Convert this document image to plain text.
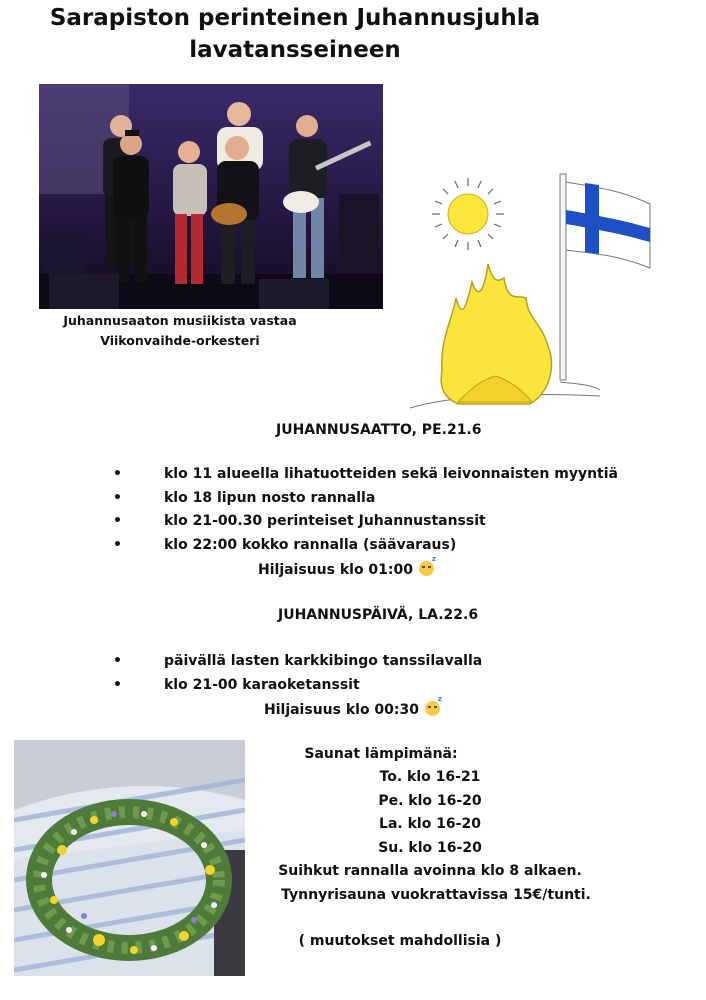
Sarapiston perinteinen Juhannusjuhla
lavatansseineen
Juhannusaaton musiikista vastaa
Viikonvaihde-orkesteri
JUHANNUSAATTO, PE.21.6
•	klo 11 alueella lihatuotteiden sekä leivonnaisten myyntiä
•	klo 18 lipun nosto rannalla
•	klo 21-00.30 perinteiset Juhannustanssit
•	klo 22:00 kokko rannalla (säävaraus)
Hiljaisuus klo 01:00
z
JUHANNUSPÄIVÄ, LA.22.6
•	päivällä lasten karkkibingo tanssilavalla
•	klo 21-00 karaoketanssit
Hiljaisuus klo 00:30
z
Saunat lämpimänä:
To. klo 16-21
Pe. klo 16-20
La. klo 16-20
Su. klo 16-20
Suihkut rannalla avoinna klo 8 alkaen.
Tynnyrisauna vuokrattavissa 15€/tunti.
( muutokset mahdollisia )
